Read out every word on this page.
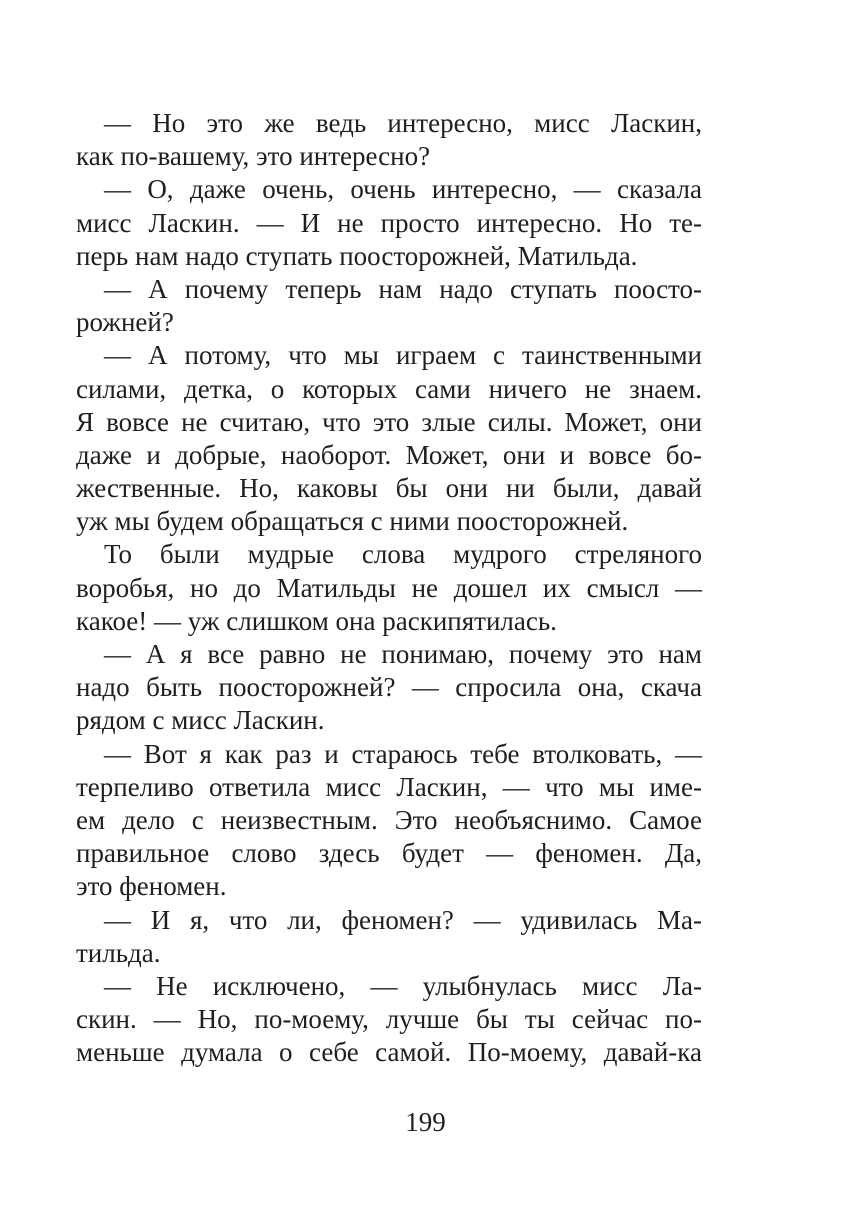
— Но это же ведь интересно, мисс Ласкин,
как по-вашему, это интересно?
— О, даже очень, очень интересно, — сказала
мисс Ласкин. — И не просто интересно. Но те-
перь нам надо ступать поосторожней, Матильда.
— А почему теперь нам надо ступать поосто-
рожней?
— А потому, что мы играем с таинственными
силами, детка, о которых сами ничего не знаем.
Я вовсе не считаю, что это злые силы. Может, они
даже и добрые, наоборот. Может, они и вовсе бо-
жественные. Но, каковы бы они ни были, давай
уж мы будем обращаться с ними поосторожней.
То были мудрые слова мудрого стреляного
воробья, но до Матильды не дошел их смысл —
какое! — уж слишком она раскипятилась.
— А я все равно не понимаю, почему это нам
надо быть поосторожней? — спросила она, скача
рядом с мисс Ласкин.
— Вот я как раз и стараюсь тебе втолковать, —
терпеливо ответила мисс Ласкин, — что мы име-
ем дело с неизвестным. Это необъяснимо. Самое
правильное слово здесь будет — феномен. Да,
это феномен.
— И я, что ли, феномен? — удивилась Ма-
тильда.
— Не исключено, — улыбнулась мисс Ла-
скин. — Но, по-моему, лучше бы ты сейчас по-
меньше думала о себе самой. По-моему, давай-ка
199
